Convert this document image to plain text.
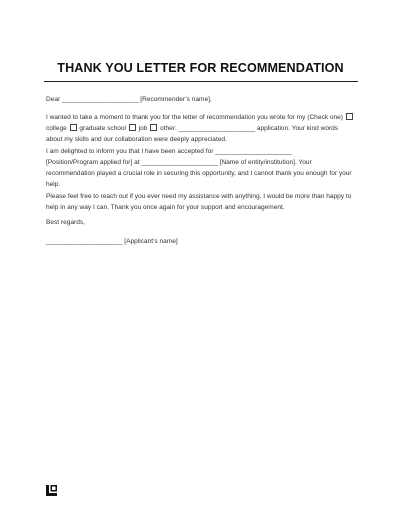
THANK YOU LETTER FOR RECOMMENDATION
Dear _____________________ [Recommender’s name],
I wanted to take a moment to thank you for the letter of recommendation you wrote for my (Check one)
college graduate school job other: _____________________ application. Your kind words
about my skills and our collaboration were deeply appreciated.
I am delighted to inform you that I have been accepted for _____________________
[Position/Program applied for] at _____________________ [Name of entity/institution]. Your
recommendation played a crucial role in securing this opportunity, and I cannot thank you enough for your
help.
Please feel free to reach out if you ever need my assistance with anything. I would be more than happy to
help in any way I can. Thank you once again for your support and encouragement.
Best regards,
_____________________ [Applicant’s name]
